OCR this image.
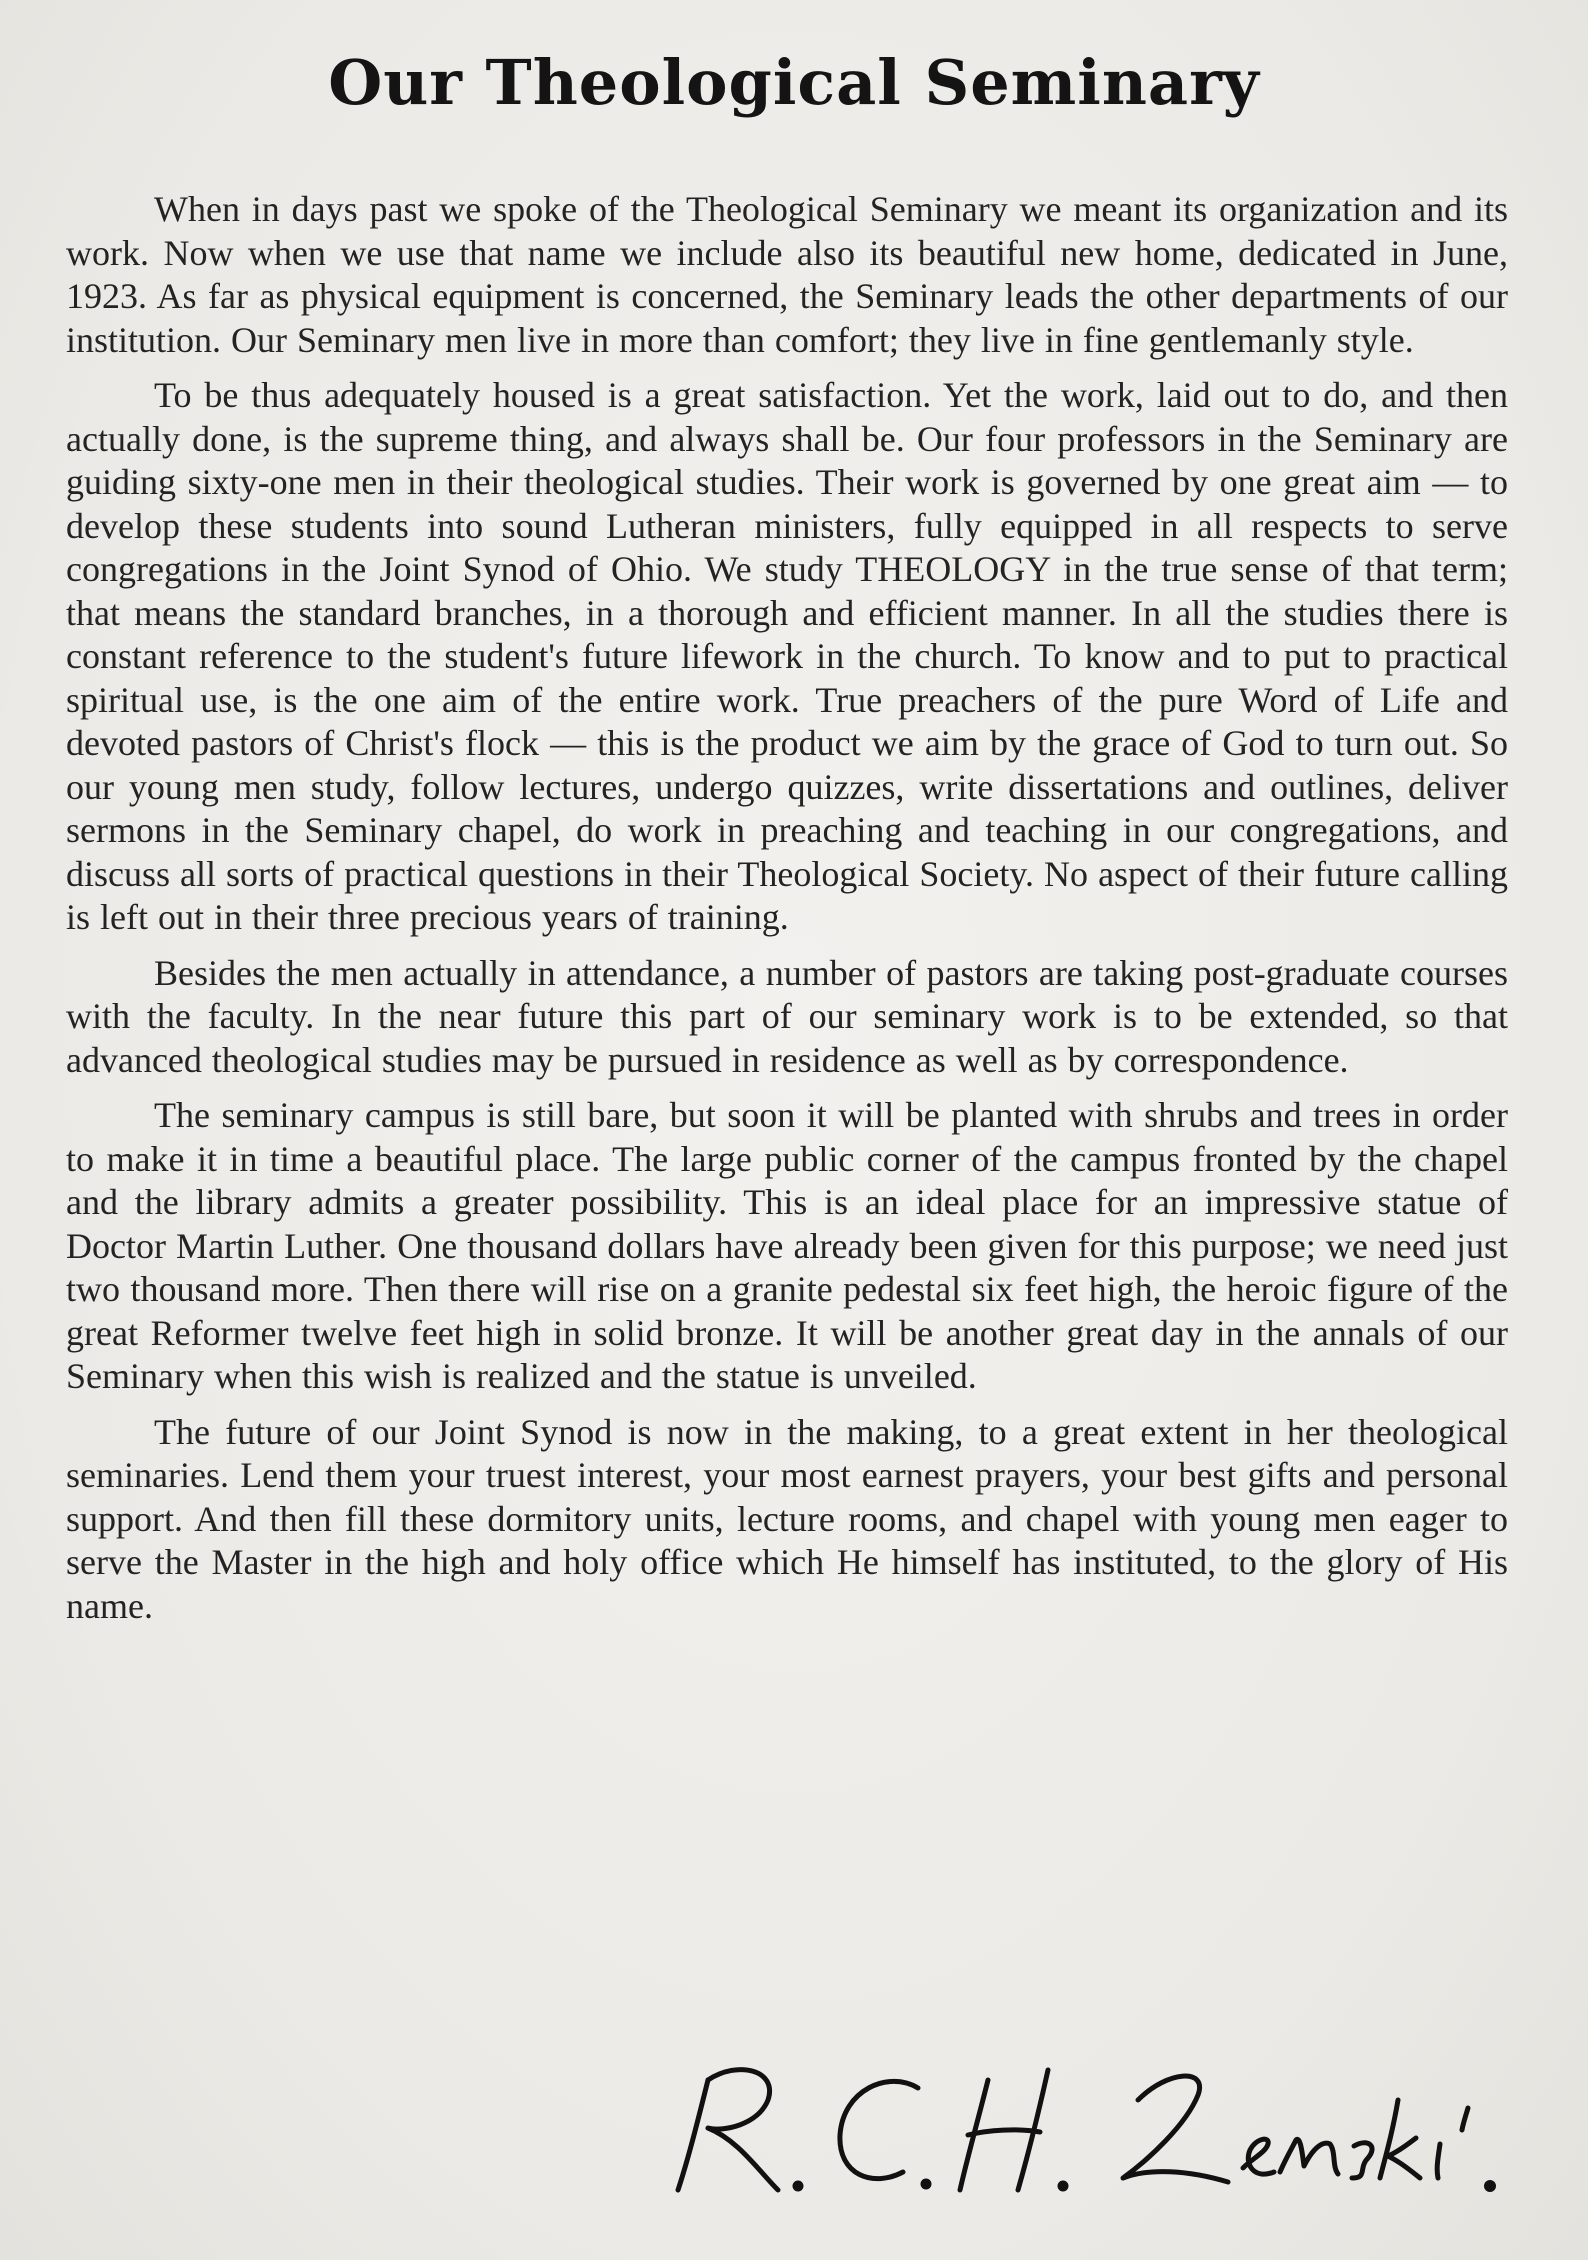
Our Theological Seminary

When in days past we spoke of the Theological Seminary we meant its organization and its work. Now when we use that name we include also its beautiful new home, dedicated in June, 1923. As far as physical equipment is concerned, the Seminary leads the other departments of our institution. Our Seminary men live in more than comfort; they live in fine gentlemanly style.

To be thus adequately housed is a great satisfaction. Yet the work, laid out to do, and then actually done, is the supreme thing, and always shall be. Our four professors in the Seminary are guiding sixty-one men in their theological studies. Their work is governed by one great aim — to develop these students into sound Lutheran ministers, fully equipped in all respects to serve congregations in the Joint Synod of Ohio. We study THEOLOGY in the true sense of that term; that means the standard branches, in a thorough and efficient manner. In all the studies there is constant reference to the student's future lifework in the church. To know and to put to practical spiritual use, is the one aim of the entire work. True preachers of the pure Word of Life and devoted pastors of Christ's flock — this is the product we aim by the grace of God to turn out. So our young men study, follow lectures, undergo quizzes, write dissertations and outlines, deliver sermons in the Seminary chapel, do work in preaching and teaching in our congregations, and discuss all sorts of practical questions in their Theological Society. No aspect of their future calling is left out in their three precious years of training.

Besides the men actually in attendance, a number of pastors are taking post-graduate courses with the faculty. In the near future this part of our seminary work is to be extended, so that advanced theological studies may be pursued in residence as well as by correspondence.

The seminary campus is still bare, but soon it will be planted with shrubs and trees in order to make it in time a beautiful place. The large public corner of the campus fronted by the chapel and the library admits a greater possibility. This is an ideal place for an impressive statue of Doctor Martin Luther. One thousand dollars have already been given for this purpose; we need just two thousand more. Then there will rise on a granite pedestal six feet high, the heroic figure of the great Reformer twelve feet high in solid bronze. It will be another great day in the annals of our Seminary when this wish is realized and the statue is unveiled.

The future of our Joint Synod is now in the making, to a great extent in her theological seminaries. Lend them your truest interest, your most earnest prayers, your best gifts and personal support. And then fill these dormitory units, lecture rooms, and chapel with young men eager to serve the Master in the high and holy office which He himself has instituted, to the glory of His name.
